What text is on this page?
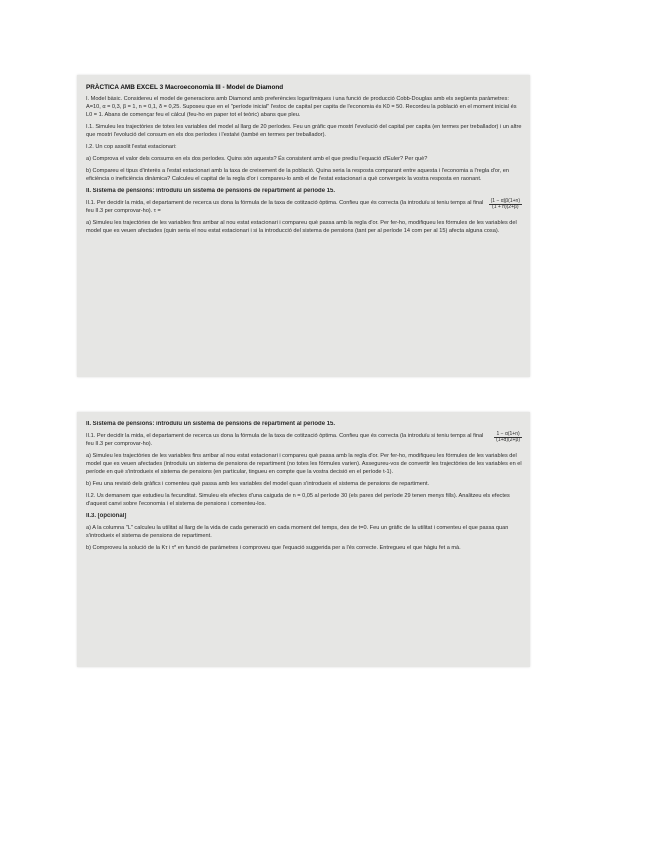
PRÀCTICA AMB EXCEL 3 Macroeconomia III - Model de Diamond
I. Model bàsic. Considereu el model de generacions amb Diamond amb preferències logarítmiques i una funció de producció Cobb-Douglas amb els següents paràmetres: A=10, α = 0,3, β = 1, n = 0,1, δ = 0,25. Suposeu que en el "període inicial" l'estoc de capital per capita de l'economia és K0 = 50. Recordeu la població en el moment inicial és L0 = 1. Abans de començar feu el càlcul (feu-ho en paper tot el teòric) abans que pleu.
I.1. Simuleu les trajectòries de totes les variables del model al llarg de 20 períodes. Feu un gràfic que mostri l'evolució del capital per capita (en termes per treballador) i un altre que mostri l'evolució del consum en els dos períodes i l'estalvi (també en termes per treballador).
I.2. Un cop assolit l'estat estacionari:
a) Comprova el valor dels consums en els dos períodes. Quins són aquests? És consistent amb el que prediu l'equació d'Euler? Per què?
b) Compareu el tipus d'interès a l'estat estacionari amb la taxa de creixement de la població. Quina seria la resposta comparant entre aquesta i l'economia a l'regla d'or, en eficiència o ineficiència dinàmica? Calculeu el capital de la regla d'or i compareu-lo amb el de l'estat estacionari a què convergeix la vostra resposta en raonant.
II. Sistema de pensions: introduïu un sistema de pensions de repartiment al període 15.
$\frac{(1 - \alpha)\beta(1+n)}{(1 + n)(2+\beta)}$
II.1. Per decidir la mida, el departament de recerca us dona la fórmula de la taxa de cotització òptima. Confieu que és correcta (la introduïu si teniu temps al final feu II.3 per comprovar-ho). τ =
a) Simuleu les trajectòries de les variables fins arribar al nou estat estacionari i compareu què passa amb la regla d'or. Per fer-ho, modifiqueu les fórmules de les variables del model que es veuen afectades (quin seria el nou estat estacionari i si la introducció del sistema de pensions (tant per al període 14 com per al 15) afecta alguna cosa).
II. Sistema de pensions: introduïu un sistema de pensions de repartiment al període 15.
$\frac{1 - \alpha(1+n)}{(1+\alpha)(2+\beta)}$
II.1. Per decidir la mida, el departament de recerca us dona la fórmula de la taxa de cotització òptima. Confieu que és correcta (la introduïu si teniu temps al final feu II.3 per comprovar-ho).
a) Simuleu les trajectòries de les variables fins arribar al nou estat estacionari i compareu què passa amb la regla d'or. Per fer-ho, modifiqueu les fórmules de les variables del model que es veuen afectades (introduïu un sistema de pensions de repartiment (no totes les fórmules varien). Assegureu-vos de convertir les trajectòries de les variables en el període en què s'introdueix el sistema de pensions (en particular, tingueu en compte que la vostra decisió en el període t-1).
b) Feu una revisió dels gràfics i comenteu què passa amb les variables del model quan s'introdueix el sistema de pensions de repartiment.
II.2. Us demanem que estudieu la fecunditat. Simuleu els efectes d'una caiguda de n = 0,05 al període 30 (els pares del període 29 tenen menys fills). Analitzeu els efectes d'aquest canvi sobre l'economia i el sistema de pensions i comenteu-los.
II.3. [opcional]
a) A la columna "L" calculeu la utilitat al llarg de la vida de cada generació en cada moment del temps, des de t=0. Feu un gràfic de la utilitat i comenteu el que passa quan s'introdueix el sistema de pensions de repartiment.
b) Comproveu la solució de la Kτ i τ* en funció de paràmetres i comproveu que l'equació suggerida per a l'és correcte. Entregueu el que hàgiu fet a mà.
